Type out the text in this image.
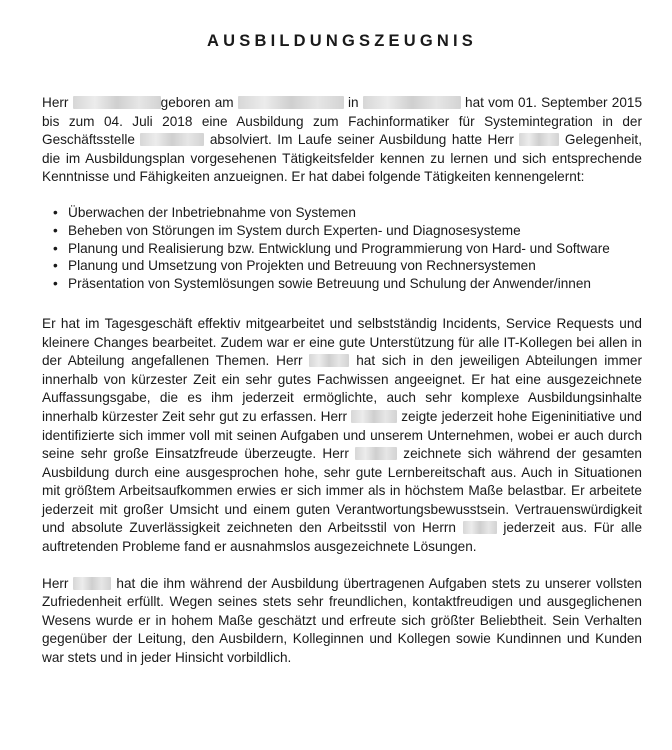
AUSBILDUNGSZEUGNIS

Herr	geboren am	in	hat vom 01. September 2015 bis zum 04. Juli 2018 eine Ausbildung zum Fachinformatiker für Systemintegration in der Geschäftsstelle	absolviert. Im Laufe seiner Ausbildung hatte Herr	Gelegenheit, die im Ausbildungsplan vorgesehenen Tätigkeitsfelder kennen zu lernen und sich entsprechende Kenntnisse und Fähigkeiten anzueignen. Er hat dabei folgende Tätigkeiten kennengelernt:

• Überwachen der Inbetriebnahme von Systemen
• Beheben von Störungen im System durch Experten- und Diagnosesysteme
• Planung und Realisierung bzw. Entwicklung und Programmierung von Hard- und Software
• Planung und Umsetzung von Projekten und Betreuung von Rechnersystemen
• Präsentation von Systemlösungen sowie Betreuung und Schulung der Anwender/innen

Er hat im Tagesgeschäft effektiv mitgearbeitet und selbstständig Incidents, Service Requests und kleinere Changes bearbeitet. Zudem war er eine gute Unterstützung für alle IT-Kollegen bei allen in der Abteilung angefallenen Themen. Herr	hat sich in den jeweiligen Abteilungen immer innerhalb von kürzester Zeit ein sehr gutes Fachwissen angeeignet. Er hat eine ausgezeichnete Auffassungsgabe, die es ihm jederzeit ermöglichte, auch sehr komplexe Ausbildungsinhalte innerhalb kürzester Zeit sehr gut zu erfassen. Herr	zeigte jederzeit hohe Eigeninitiative und identifizierte sich immer voll mit seinen Aufgaben und unserem Unternehmen, wobei er auch durch seine sehr große Einsatzfreude überzeugte. Herr	zeichnete sich während der gesamten Ausbildung durch eine ausgesprochen hohe, sehr gute Lernbereitschaft aus. Auch in Situationen mit größtem Arbeitsaufkommen erwies er sich immer als in höchstem Maße belastbar. Er arbeitete jederzeit mit großer Umsicht und einem guten Verantwortungsbewusstsein. Vertrauenswürdigkeit und absolute Zuverlässigkeit zeichneten den Arbeitsstil von Herrn	jederzeit aus. Für alle auftretenden Probleme fand er ausnahmslos ausgezeichnete Lösungen.

Herr	hat die ihm während der Ausbildung übertragenen Aufgaben stets zu unserer vollsten Zufriedenheit erfüllt. Wegen seines stets sehr freundlichen, kontaktfreudigen und ausgeglichenen Wesens wurde er in hohem Maße geschätzt und erfreute sich größter Beliebtheit. Sein Verhalten gegenüber der Leitung, den Ausbildern, Kolleginnen und Kollegen sowie Kundinnen und Kunden war stets und in jeder Hinsicht vorbildlich.
